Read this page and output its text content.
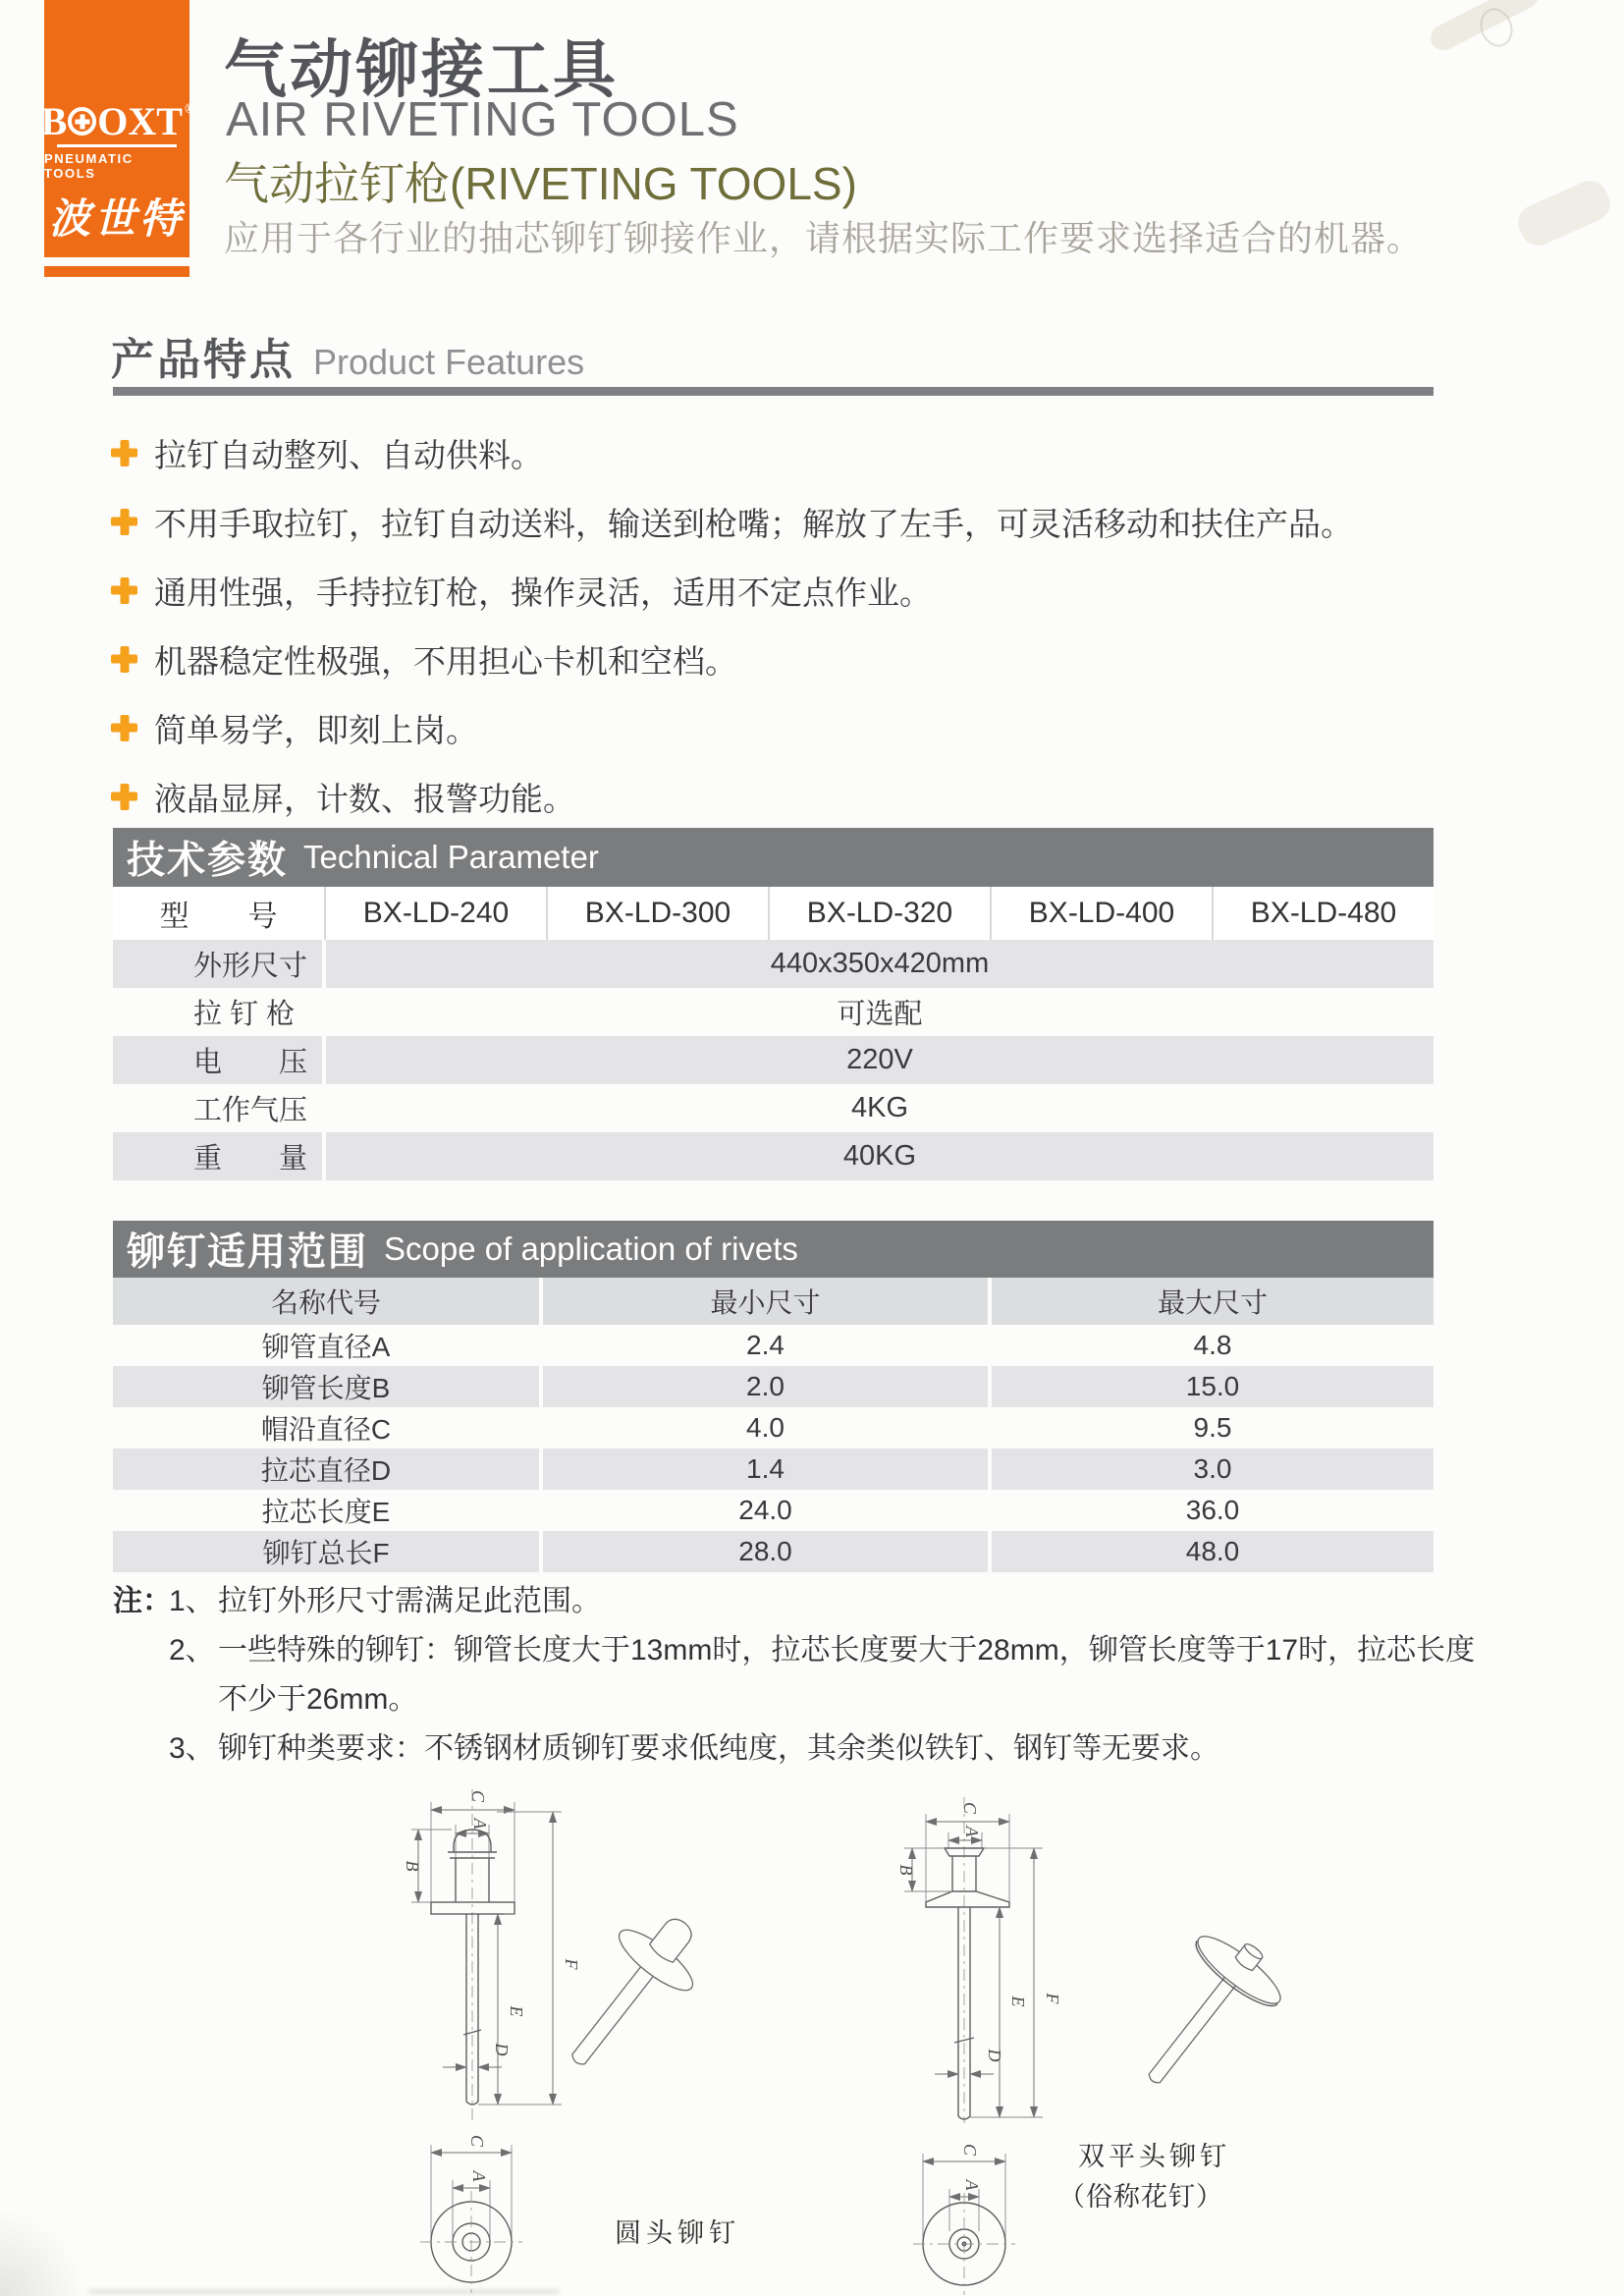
B OXT ®
PNEUMATIC TOOLS
波世特
气动铆接工具
AIR RIVETING TOOLS
气动拉钉枪(RIVETING TOOLS)
应用于各行业的抽芯铆钉铆接作业，请根据实际工作要求选择适合的机器。
产品特点 Product Features
拉钉自动整列、自动供料。
不用手取拉钉，拉钉自动送料，输送到枪嘴；解放了左手，可灵活移动和扶住产品。
通用性强，手持拉钉枪，操作灵活，适用不定点作业。
机器稳定性极强，不用担心卡机和空档。
简单易学，即刻上岗。
液晶显屏，计数、报警功能。
技术参数 Technical Parameter
型　　号	BX-LD-240	BX-LD-300	BX-LD-320	BX-LD-400	BX-LD-480
外形尺寸	440x350x420mm
拉 钉 枪	可选配
电　　压	220V
工作气压	4KG
重　　量	40KG
铆钉适用范围 Scope of application of rivets
名称代号	最小尺寸	最大尺寸
铆管直径A	2.4	4.8
铆管长度B	2.0	15.0
帽沿直径C	4.0	9.5
拉芯直径D	1.4	3.0
拉芯长度E	24.0	36.0
铆钉总长F	28.0	48.0
注：
1、 拉钉外形尺寸需满足此范围。
2、 一些特殊的铆钉：铆管长度大于13mm时，拉芯长度要大于28mm，铆管长度等于17时，拉芯长度不少于26mm。
3、 铆钉种类要求：不锈钢材质铆钉要求低纯度，其余类似铁钉、钢钉等无要求。
C
A
B
F
E
D
C
A
C
A
B
E F
D
C
A
圆头铆钉
双平头铆钉
（俗称花钉）
